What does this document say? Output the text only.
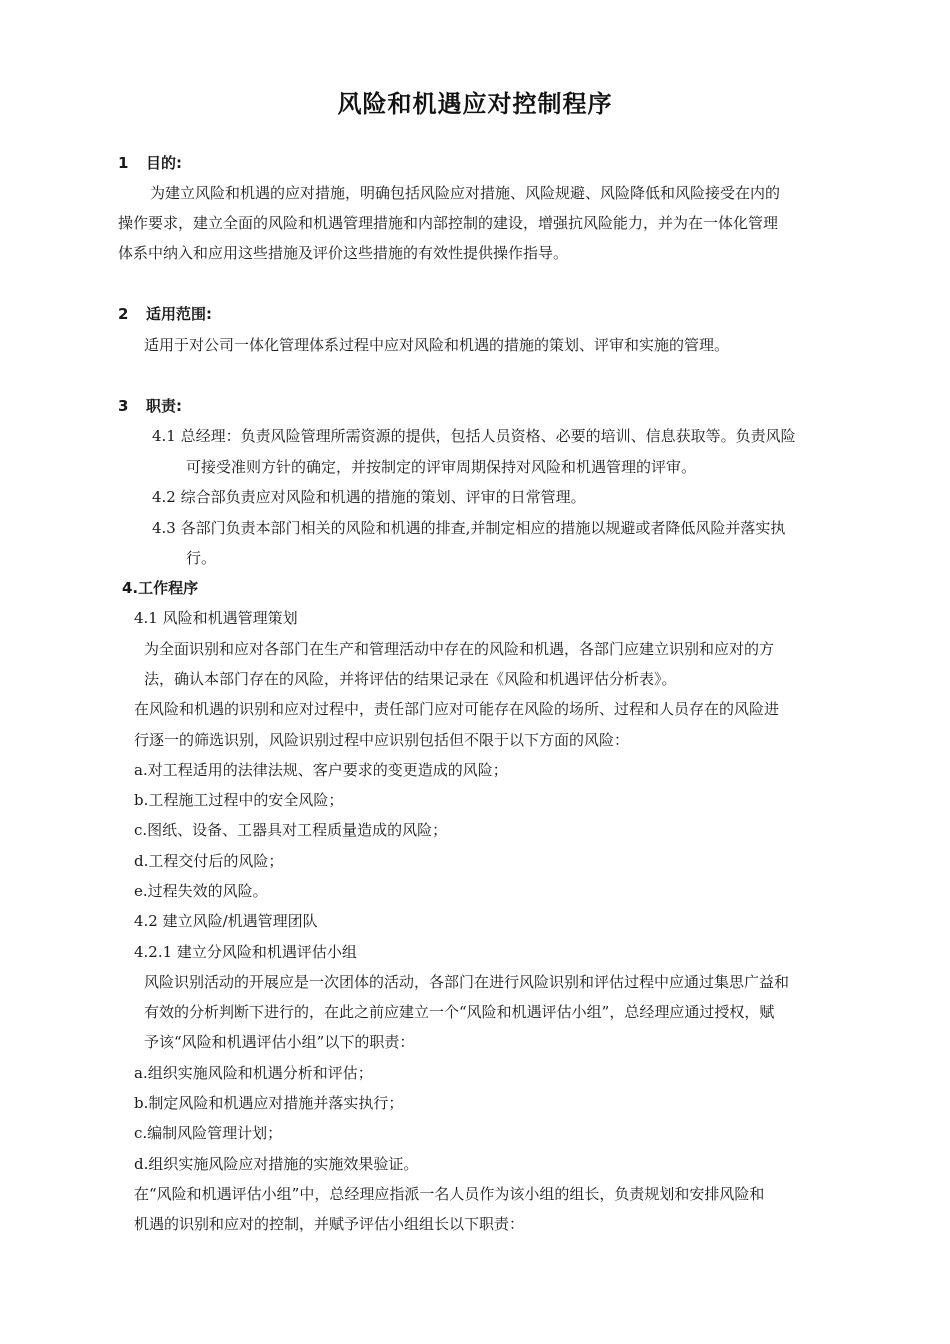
风险和机遇应对控制程序
1 目的:
为建立风险和机遇的应对措施，明确包括风险应对措施、风险规避、风险降低和风险接受在内的
操作要求，建立全面的风险和机遇管理措施和内部控制的建设，增强抗风险能力，并为在一体化管理
体系中纳入和应用这些措施及评价这些措施的有效性提供操作指导。
2 适用范围:
适用于对公司一体化管理体系过程中应对风险和机遇的措施的策划、评审和实施的管理。
3 职责:
4.1 总经理：负责风险管理所需资源的提供，包括人员资格、必要的培训、信息获取等。负责风险
可接受准则方针的确定，并按制定的评审周期保持对风险和机遇管理的评审。
4.2 综合部负责应对风险和机遇的措施的策划、评审的日常管理。
4.3 各部门负责本部门相关的风险和机遇的排查,并制定相应的措施以规避或者降低风险并落实执
行。
4.工作程序
4.1 风险和机遇管理策划
为全面识别和应对各部门在生产和管理活动中存在的风险和机遇，各部门应建立识别和应对的方
法，确认本部门存在的风险，并将评估的结果记录在《风险和机遇评估分析表》。
在风险和机遇的识别和应对过程中，责任部门应对可能存在风险的场所、过程和人员存在的风险进
行逐一的筛选识别，风险识别过程中应识别包括但不限于以下方面的风险：
a.对工程适用的法律法规、客户要求的变更造成的风险；
b.工程施工过程中的安全风险；
c.图纸、设备、工器具对工程质量造成的风险；
d.工程交付后的风险；
e.过程失效的风险。
4.2 建立风险/机遇管理团队
4.2.1 建立分风险和机遇评估小组
风险识别活动的开展应是一次团体的活动，各部门在进行风险识别和评估过程中应通过集思广益和
有效的分析判断下进行的，在此之前应建立一个“风险和机遇评估小组”，总经理应通过授权，赋
予该“风险和机遇评估小组”以下的职责：
a.组织实施风险和机遇分析和评估；
b.制定风险和机遇应对措施并落实执行；
c.编制风险管理计划；
d.组织实施风险应对措施的实施效果验证。
在“风险和机遇评估小组”中，总经理应指派一名人员作为该小组的组长，负责规划和安排风险和
机遇的识别和应对的控制，并赋予评估小组组长以下职责：
